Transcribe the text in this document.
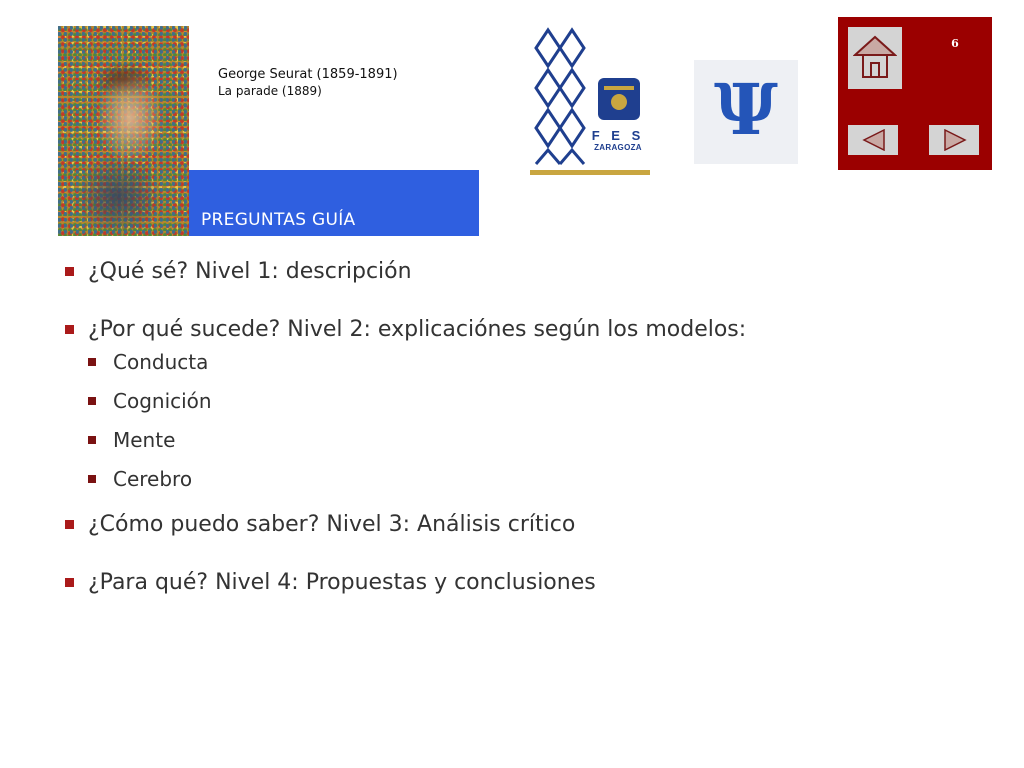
George Seurat (1859-1891)
La parade (1889)
PREGUNTAS GUÍA
F E S
ZARAGOZA Ψ
6
¿Qué sé? Nivel 1: descripción
¿Por qué sucede? Nivel 2: explicaciónes según los modelos:
Conducta
Cognición
Mente
Cerebro
¿Cómo puedo saber? Nivel 3: Análisis crítico
¿Para qué? Nivel 4: Propuestas y conclusiones
